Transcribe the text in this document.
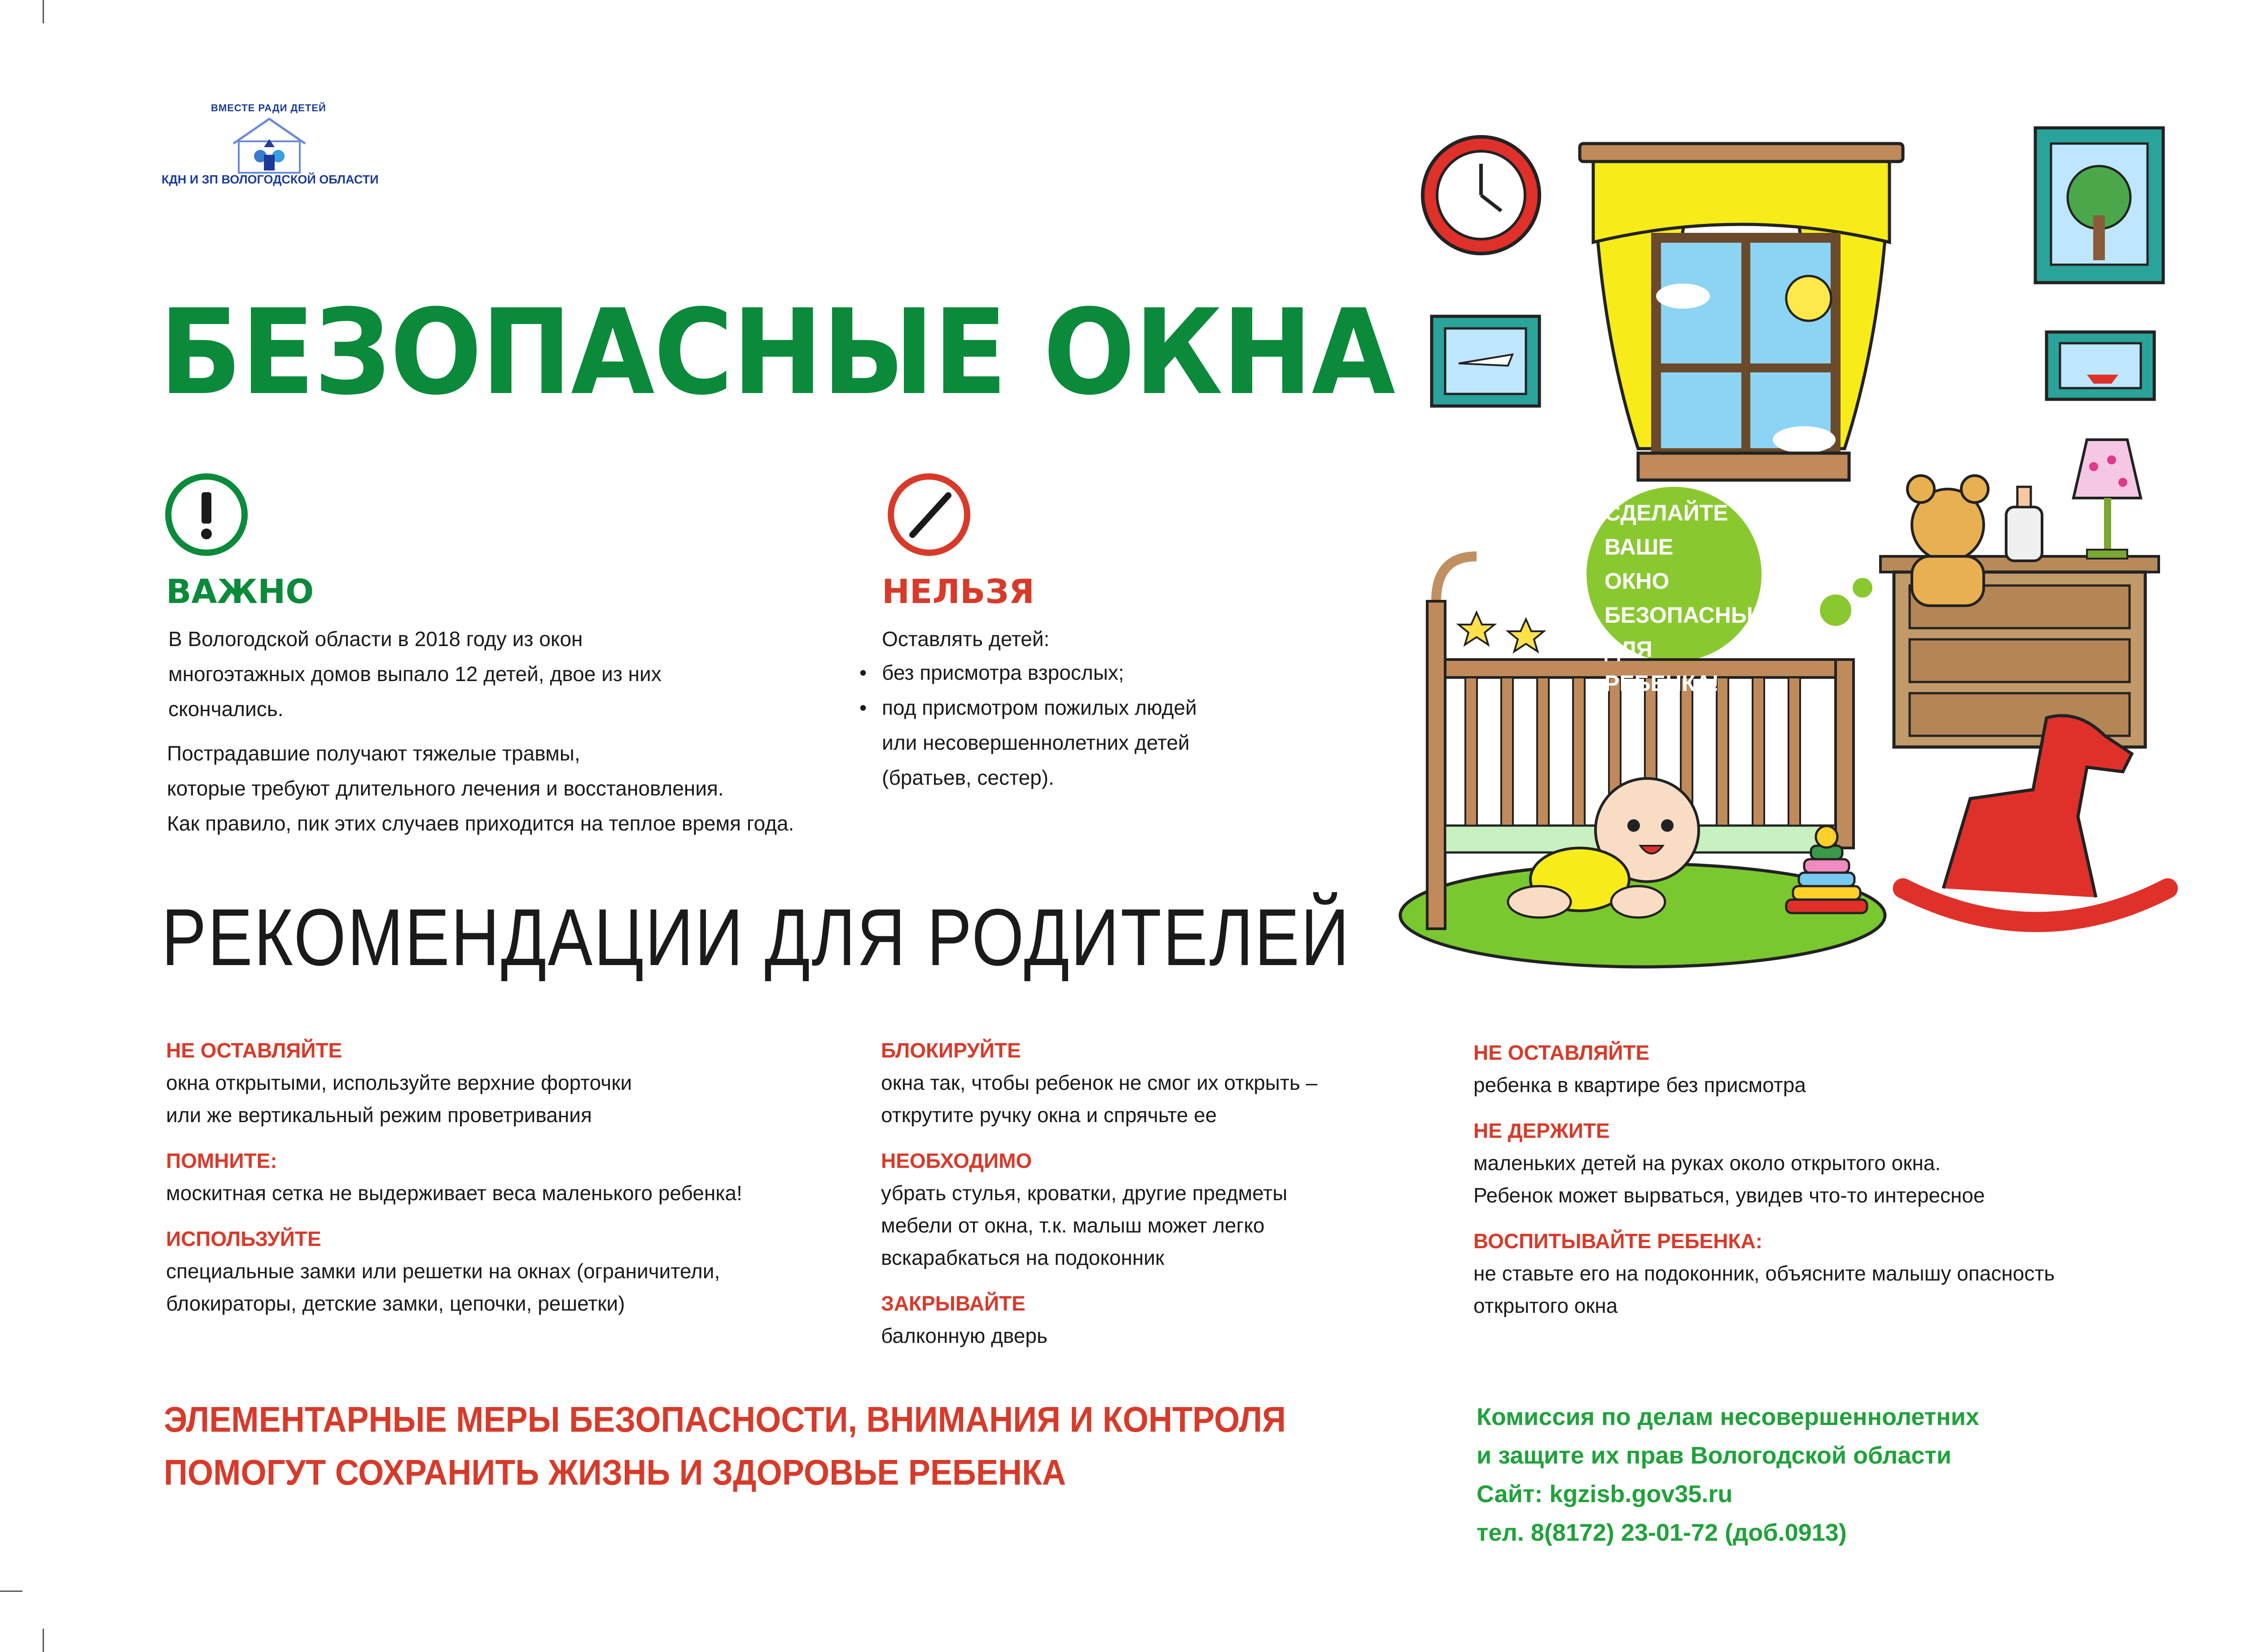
ВМЕСТЕ РАДИ ДЕТЕЙ
КДН И ЗП ВОЛОГОДСКОЙ ОБЛАСТИ
БЕЗОПАСНЫЕ ОКНА
ВАЖНО
В Вологодской области в 2018 году из окон
многоэтажных домов выпало 12 детей, двое из них
скончались.
Пострадавшие получают тяжелые травмы,
которые требуют длительного лечения и восстановления.
Как правило, пик этих случаев приходится на теплое время года.
НЕЛЬЗЯ
Оставлять детей:
• без присмотра взрослых;
• под присмотром пожилых людей
или несовершеннолетних детей
(братьев, сестер).
СДЕЛАЙТЕ ВАШЕ ОКНО БЕЗОПАСНЫМ ДЛЯ РЕБЕНКА!
РЕКОМЕНДАЦИИ ДЛЯ РОДИТЕЛЕЙ
НЕ ОСТАВЛЯЙТЕ
окна открытыми, используйте верхние форточки
или же вертикальный режим проветривания
ПОМНИТЕ:
москитная сетка не выдерживает веса маленького ребенка!
ИСПОЛЬЗУЙТЕ
специальные замки или решетки на окнах (ограничители,
блокираторы, детские замки, цепочки, решетки)
БЛОКИРУЙТЕ
окна так, чтобы ребенок не смог их открыть –
открутите ручку окна и спрячьте ее
НЕОБХОДИМО
убрать стулья, кроватки, другие предметы
мебели от окна, т.к. малыш может легко
вскарабкаться на подоконник
ЗАКРЫВАЙТЕ
балконную дверь
НЕ ОСТАВЛЯЙТЕ
ребенка в квартире без присмотра
НЕ ДЕРЖИТЕ
маленьких детей на руках около открытого окна.
Ребенок может вырваться, увидев что-то интересное
ВОСПИТЫВАЙТЕ РЕБЕНКА:
не ставьте его на подоконник, объясните малышу опасность
открытого окна
ЭЛЕМЕНТАРНЫЕ МЕРЫ БЕЗОПАСНОСТИ, ВНИМАНИЯ И КОНТРОЛЯ
ПОМОГУТ СОХРАНИТЬ ЖИЗНЬ И ЗДОРОВЬЕ РЕБЕНКА
Комиссия по делам несовершеннолетних
и защите их прав Вологодской области
Сайт: kgzisb.gov35.ru
тел. 8(8172) 23-01-72 (доб.0913)
